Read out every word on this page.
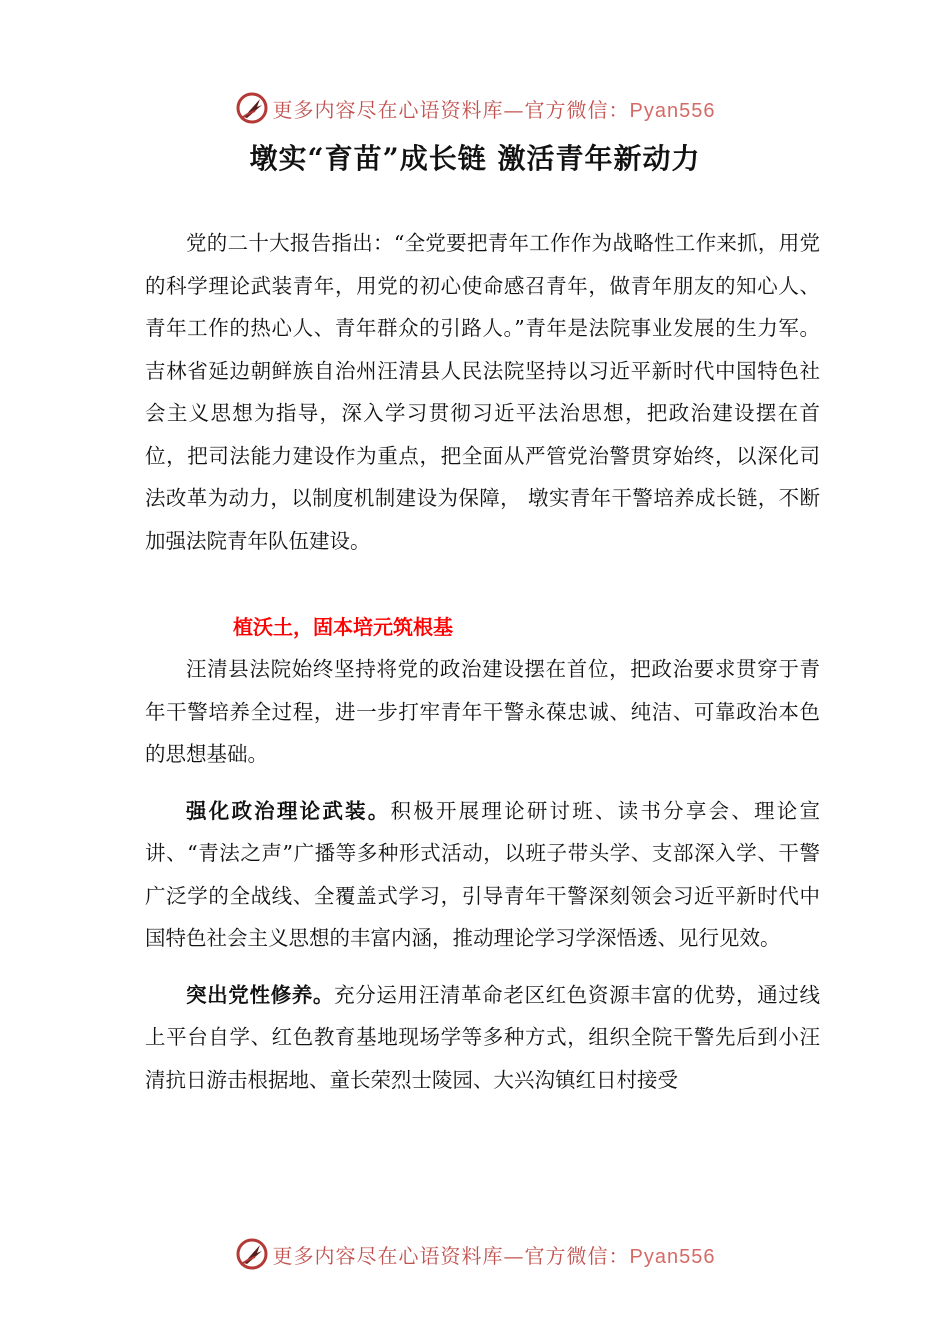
更多内容尽在心语资料库—官方微信：Pyan556
墩实“育苗”成长链 激活青年新动力

党的二十大报告指出：“全党要把青年工作作为战略性工作来抓，用党的科学理论武装青年，用党的初心使命感召青年，做青年朋友的知心人、青年工作的热心人、青年群众的引路人。”青年是法院事业发展的生力军。吉林省延边朝鲜族自治州汪清县人民法院坚持以习近平新时代中国特色社会主义思想为指导，深入学习贯彻习近平法治思想，把政治建设摆在首位，把司法能力建设作为重点，把全面从严管党治警贯穿始终，以深化司法改革为动力，以制度机制建设为保障， 墩实青年干警培养成长链，不断加强法院青年队伍建设。

植沃土，固本培元筑根基

汪清县法院始终坚持将党的政治建设摆在首位，把政治要求贯穿于青年干警培养全过程，进一步打牢青年干警永葆忠诚、纯洁、可靠政治本色的思想基础。

强化政治理论武装。积极开展理论研讨班、读书分享会、理论宣讲、“青法之声”广播等多种形式活动，以班子带头学、支部深入学、干警广泛学的全战线、全覆盖式学习，引导青年干警深刻领会习近平新时代中国特色社会主义思想的丰富内涵，推动理论学习学深悟透、见行见效。

突出党性修养。充分运用汪清革命老区红色资源丰富的优势，通过线上平台自学、红色教育基地现场学等多种方式，组织全院干警先后到小汪清抗日游击根据地、童长荣烈士陵园、大兴沟镇红日村接受

更多内容尽在心语资料库—官方微信：Pyan556
